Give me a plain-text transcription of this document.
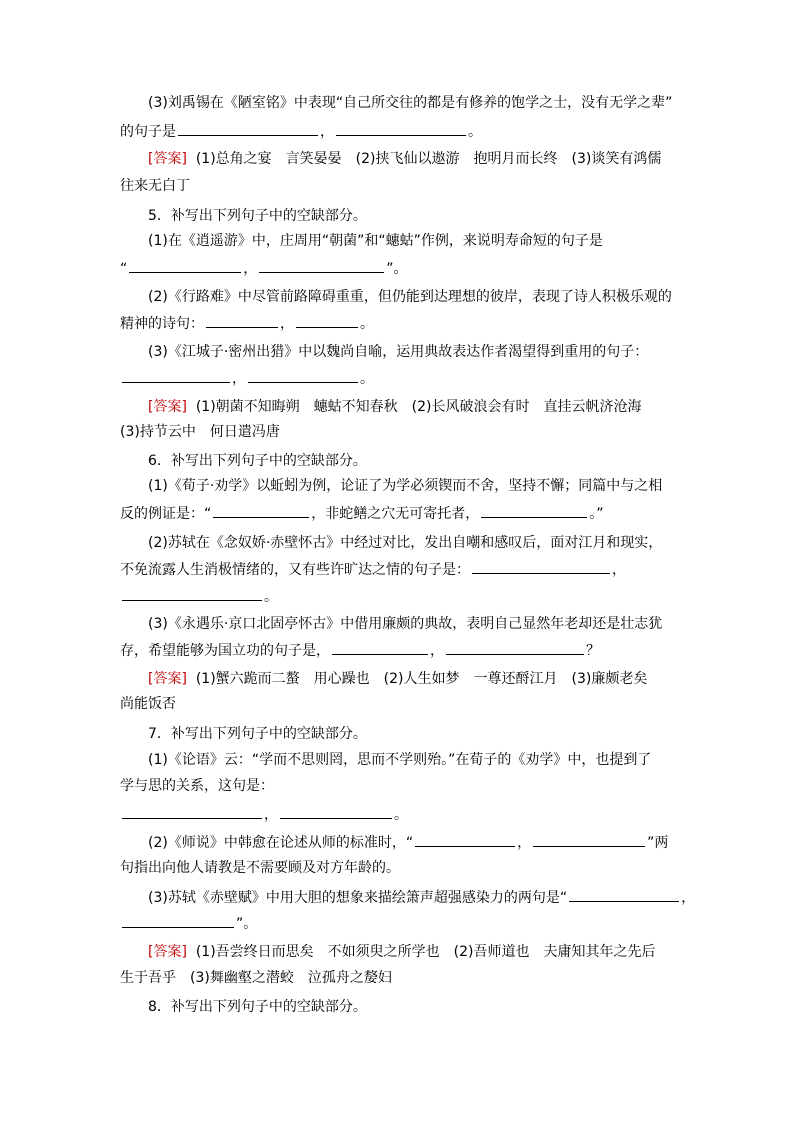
(3)刘禹锡在《陋室铭》中表现“自己所交往的都是有修养的饱学之士，没有无学之辈”
的句子是	，	。
[答案]  (1)总角之宴　言笑晏晏　(2)挟飞仙以遨游　抱明月而长终　(3)谈笑有鸿儒
往来无白丁
5．补写出下列句子中的空缺部分。
(1)在《逍遥游》中，庄周用“朝菌”和“蟪蛄”作例，来说明寿命短的句子是
“	，	”。
(2)《行路难》中尽管前路障碍重重，但仍能到达理想的彼岸，表现了诗人积极乐观的
精神的诗句：	，	。
(3)《江城子·密州出猎》中以魏尚自喻，运用典故表达作者渴望得到重用的句子：
，	。
[答案]  (1)朝菌不知晦朔　蟪蛄不知春秋　(2)长风破浪会有时　直挂云帆济沧海
(3)持节云中　何日遣冯唐
6．补写出下列句子中的空缺部分。
(1)《荀子·劝学》以蚯蚓为例，论证了为学必须锲而不舍，坚持不懈；同篇中与之相
反的例证是：“	，非蛇鳝之穴无可寄托者，	。”
(2)苏轼在《念奴娇·赤壁怀古》中经过对比，发出自嘲和感叹后，面对江月和现实，
不免流露人生消极情绪的，又有些许旷达之情的句子是：	，
。
(3)《永遇乐·京口北固亭怀古》中借用廉颇的典故，表明自己显然年老却还是壮志犹
存，希望能够为国立功的句子是，	，	？
[答案]  (1)蟹六跪而二螯　用心躁也　(2)人生如梦　一尊还酹江月　(3)廉颇老矣
尚能饭否
7．补写出下列句子中的空缺部分。
(1)《论语》云：“学而不思则罔，思而不学则殆。”在荀子的《劝学》中，也提到了
学与思的关系，这句是：
，	。
(2)《师说》中韩愈在论述从师的标准时，“	，	”两
句指出向他人请教是不需要顾及对方年龄的。
(3)苏轼《赤壁赋》中用大胆的想象来描绘箫声超强感染力的两句是“	，
”。
[答案]  (1)吾尝终日而思矣　不如须臾之所学也　(2)吾师道也　夫庸知其年之先后
生于吾乎　(3)舞幽壑之潜蛟　泣孤舟之嫠妇
8．补写出下列句子中的空缺部分。
